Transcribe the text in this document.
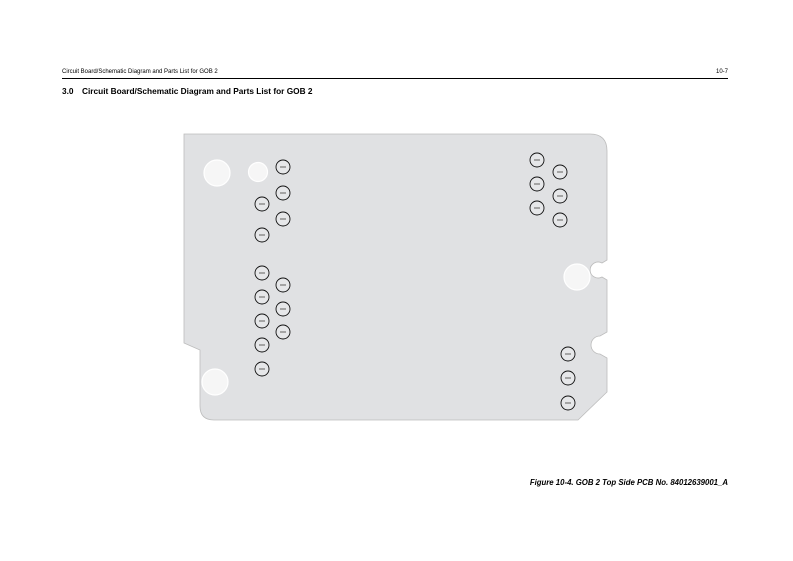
Circuit Board/Schematic Diagram and Parts List for GOB 2	10-7
3.0 Circuit Board/Schematic Diagram and Parts List for GOB 2
Figure 10-4. GOB 2 Top Side PCB No. 84012639001_A
